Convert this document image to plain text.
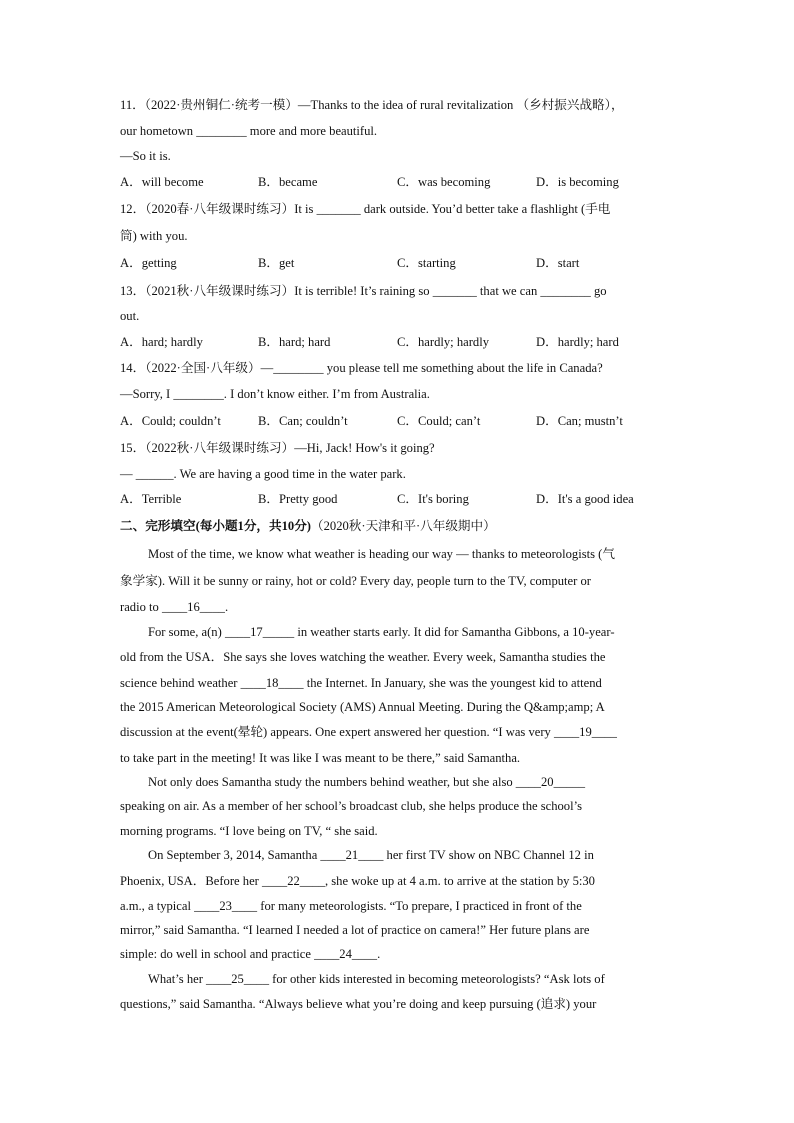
11．（2022·贵州铜仁·统考一模）—Thanks to the idea of rural revitalization （乡村振兴战略），
our hometown ________ more and more beautiful.
—So it is.
A．will become	B．became	C．was becoming	D．is becoming
12．（2020春·八年级课时练习）It is _______ dark outside. You’d better take a flashlight (手电
筒) with you.
A．getting	B．get	C．starting	D．start
13．（2021秋·八年级课时练习）It is terrible! It’s raining so _______ that we can ________ go
out.
A．hard; hardly	B．hard; hard	C．hardly; hardly	D．hardly; hard
14．（2022·全国·八年级）—________ you please tell me something about the life in Canada?
—Sorry, I ________. I don’t know either. I’m from Australia.
A．Could; couldn’t	B．Can; couldn’t	C．Could; can’t	D．Can; mustn’t
15．（2022秋·八年级课时练习）—Hi, Jack! How's it going?
— ______. We are having a good time in the water park.
A．Terrible	B．Pretty good	C．It's boring	D．It's a good idea
二、完形填空(每小题1分，共10分)（2020秋·天津和平·八年级期中）
Most of the time, we know what weather is heading our way — thanks to meteorologists (气
象学家). Will it be sunny or rainy, hot or cold? Every day, people turn to the TV, computer or
radio to ____16____.
For some, a(n) ____17_____ in weather starts early. It did for Samantha Gibbons, a 10-year-
old from the USA．She says she loves watching the weather. Every week, Samantha studies the
science behind weather ____18____ the Internet. In January, she was the youngest kid to attend
the 2015 American Meteorological Society (AMS) Annual Meeting. During the Q&amp;amp; A
discussion at the event(晕轮) appears. One expert answered her question. “I was very ____19____
to take part in the meeting! It was like I was meant to be there,” said Samantha.
Not only does Samantha study the numbers behind weather, but she also ____20_____
speaking on air. As a member of her school’s broadcast club, she helps produce the school’s
morning programs. “I love being on TV, “ she said.
On September 3, 2014, Samantha ____21____ her first TV show on NBC Channel 12 in
Phoenix, USA．Before her ____22____, she woke up at 4 a.m. to arrive at the station by 5:30
a.m., a typical ____23____ for many meteorologists. “To prepare, I practiced in front of the
mirror,” said Samantha. “I learned I needed a lot of practice on camera!” Her future plans are
simple: do well in school and practice ____24____.
What’s her ____25____ for other kids interested in becoming meteorologists? “Ask lots of
questions,” said Samantha. “Always believe what you’re doing and keep pursuing (追求) your
